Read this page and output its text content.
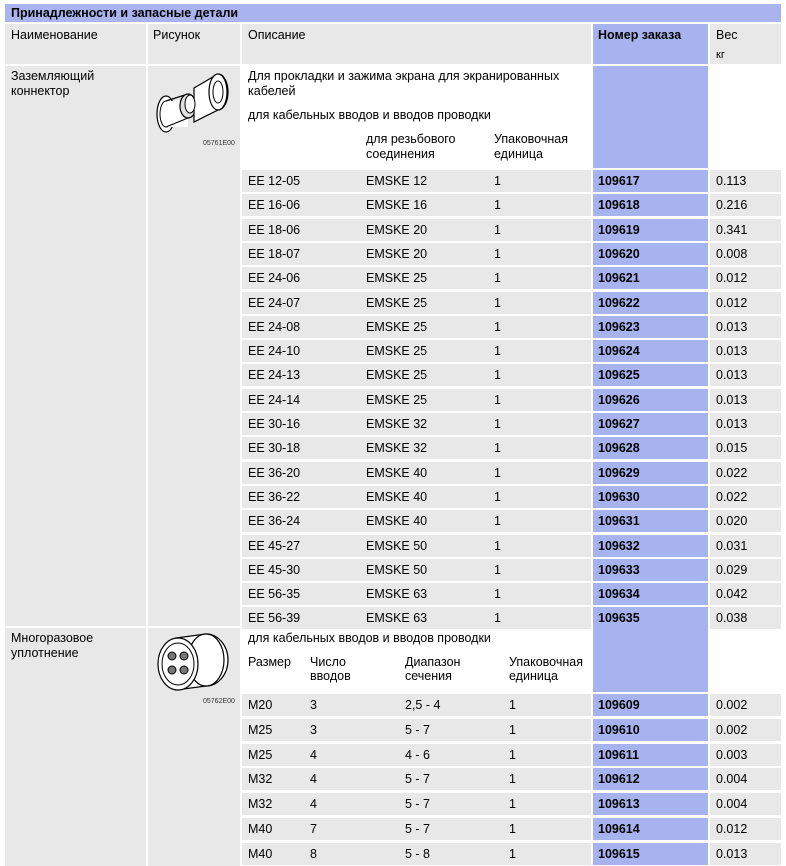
Принадлежности и запасные детали
Наименование	Рисунок	Описание	Номер заказа	Вес
кг
Заземляющий
коннектор
05761E00
Для прокладки и зажима экрана для экранированных
кабелей
для кабельных вводов и вводов проводки
для резьбового
соединения
Упаковочная
единица
EE 12-05	EMSKE 12	1	109617	0.113
EE 16-06	EMSKE 16	1	109618	0.216
EE 18-06	EMSKE 20	1	109619	0.341
EE 18-07	EMSKE 20	1	109620	0.008
EE 24-06	EMSKE 25	1	109621	0.012
EE 24-07	EMSKE 25	1	109622	0.012
EE 24-08	EMSKE 25	1	109623	0.013
EE 24-10	EMSKE 25	1	109624	0.013
EE 24-13	EMSKE 25	1	109625	0.013
EE 24-14	EMSKE 25	1	109626	0.013
EE 30-16	EMSKE 32	1	109627	0.013
EE 30-18	EMSKE 32	1	109628	0.015
EE 36-20	EMSKE 40	1	109629	0.022
EE 36-22	EMSKE 40	1	109630	0.022
EE 36-24	EMSKE 40	1	109631	0.020
EE 45-27	EMSKE 50	1	109632	0.031
EE 45-30	EMSKE 50	1	109633	0.029
EE 56-35	EMSKE 63	1	109634	0.042
EE 56-39	EMSKE 63	1	109635	0.038
Многоразовое
уплотнение
05762E00
для кабельных вводов и вводов проводки
Размер Число
вводов
Диапазон
сечения
Упаковочная
единица
M20	3	2,5 - 4	1	109609	0.002
M25	3	5 - 7	1	109610	0.002
M25	4	4 - 6	1	109611	0.003
M32	4	5 - 7	1	109612	0.004
M32	4	5 - 7	1	109613	0.004
M40	7	5 - 7	1	109614	0.012
M40	8	5 - 8	1	109615	0.013
